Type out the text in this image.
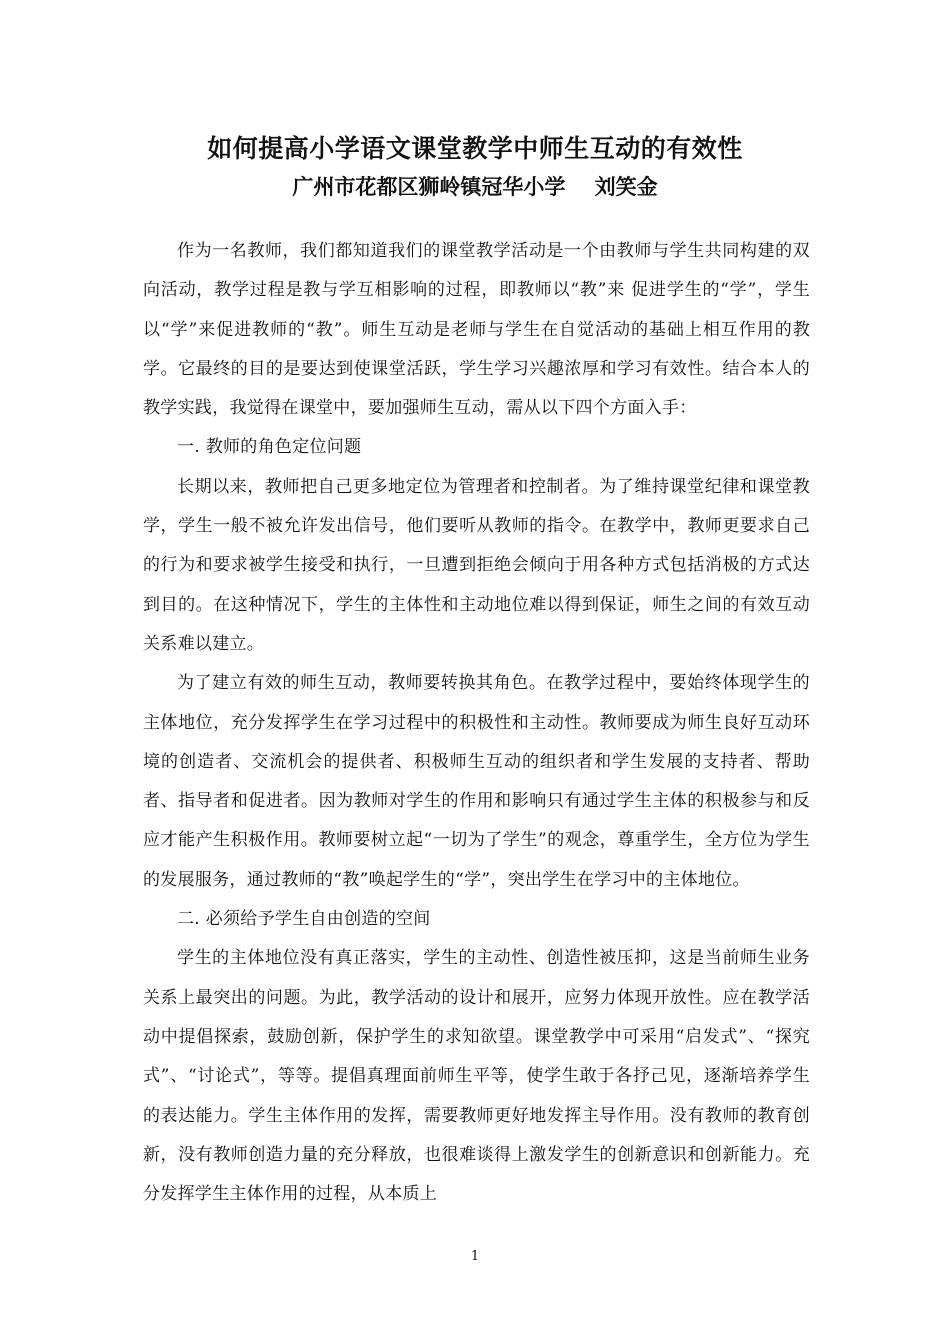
如何提高小学语文课堂教学中师生互动的有效性
广州市花都区狮岭镇冠华小学    刘笑金

作为一名教师，我们都知道我们的课堂教学活动是一个由教师与学生共同构建的双向活动，教学过程是教与学互相影响的过程，即教师以“教”来 促进学生的“学”，学生以“学”来促进教师的“教”。师生互动是老师与学生在自觉活动的基础上相互作用的教学。它最终的目的是要达到使课堂活跃，学生学习兴趣浓厚和学习有效性。结合本人的教学实践，我觉得在课堂中，要加强师生互动，需从以下四个方面入手：

一. 教师的角色定位问题

长期以来，教师把自己更多地定位为管理者和控制者。为了维持课堂纪律和课堂教学，学生一般不被允许发出信号，他们要听从教师的指令。在教学中，教师更要求自己的行为和要求被学生接受和执行，一旦遭到拒绝会倾向于用各种方式包括消极的方式达到目的。在这种情况下，学生的主体性和主动地位难以得到保证，师生之间的有效互动关系难以建立。

为了建立有效的师生互动，教师要转换其角色。在教学过程中，要始终体现学生的主体地位，充分发挥学生在学习过程中的积极性和主动性。教师要成为师生良好互动环境的创造者、交流机会的提供者、积极师生互动的组织者和学生发展的支持者、帮助者、指导者和促进者。因为教师对学生的作用和影响只有通过学生主体的积极参与和反应才能产生积极作用。教师要树立起“一切为了学生”的观念，尊重学生，全方位为学生的发展服务，通过教师的“教”唤起学生的“学”，突出学生在学习中的主体地位。

二. 必须给予学生自由创造的空间

学生的主体地位没有真正落实，学生的主动性、创造性被压抑，这是当前师生业务关系上最突出的问题。为此，教学活动的设计和展开，应努力体现开放性。应在教学活动中提倡探索，鼓励创新，保护学生的求知欲望。课堂教学中可采用“启发式”、“探究式”、“讨论式”，等等。提倡真理面前师生平等，使学生敢于各抒己见，逐渐培养学生的表达能力。学生主体作用的发挥，需要教师更好地发挥主导作用。没有教师的教育创新，没有教师创造力量的充分释放，也很难谈得上激发学生的创新意识和创新能力。充分发挥学生主体作用的过程，从本质上

1
